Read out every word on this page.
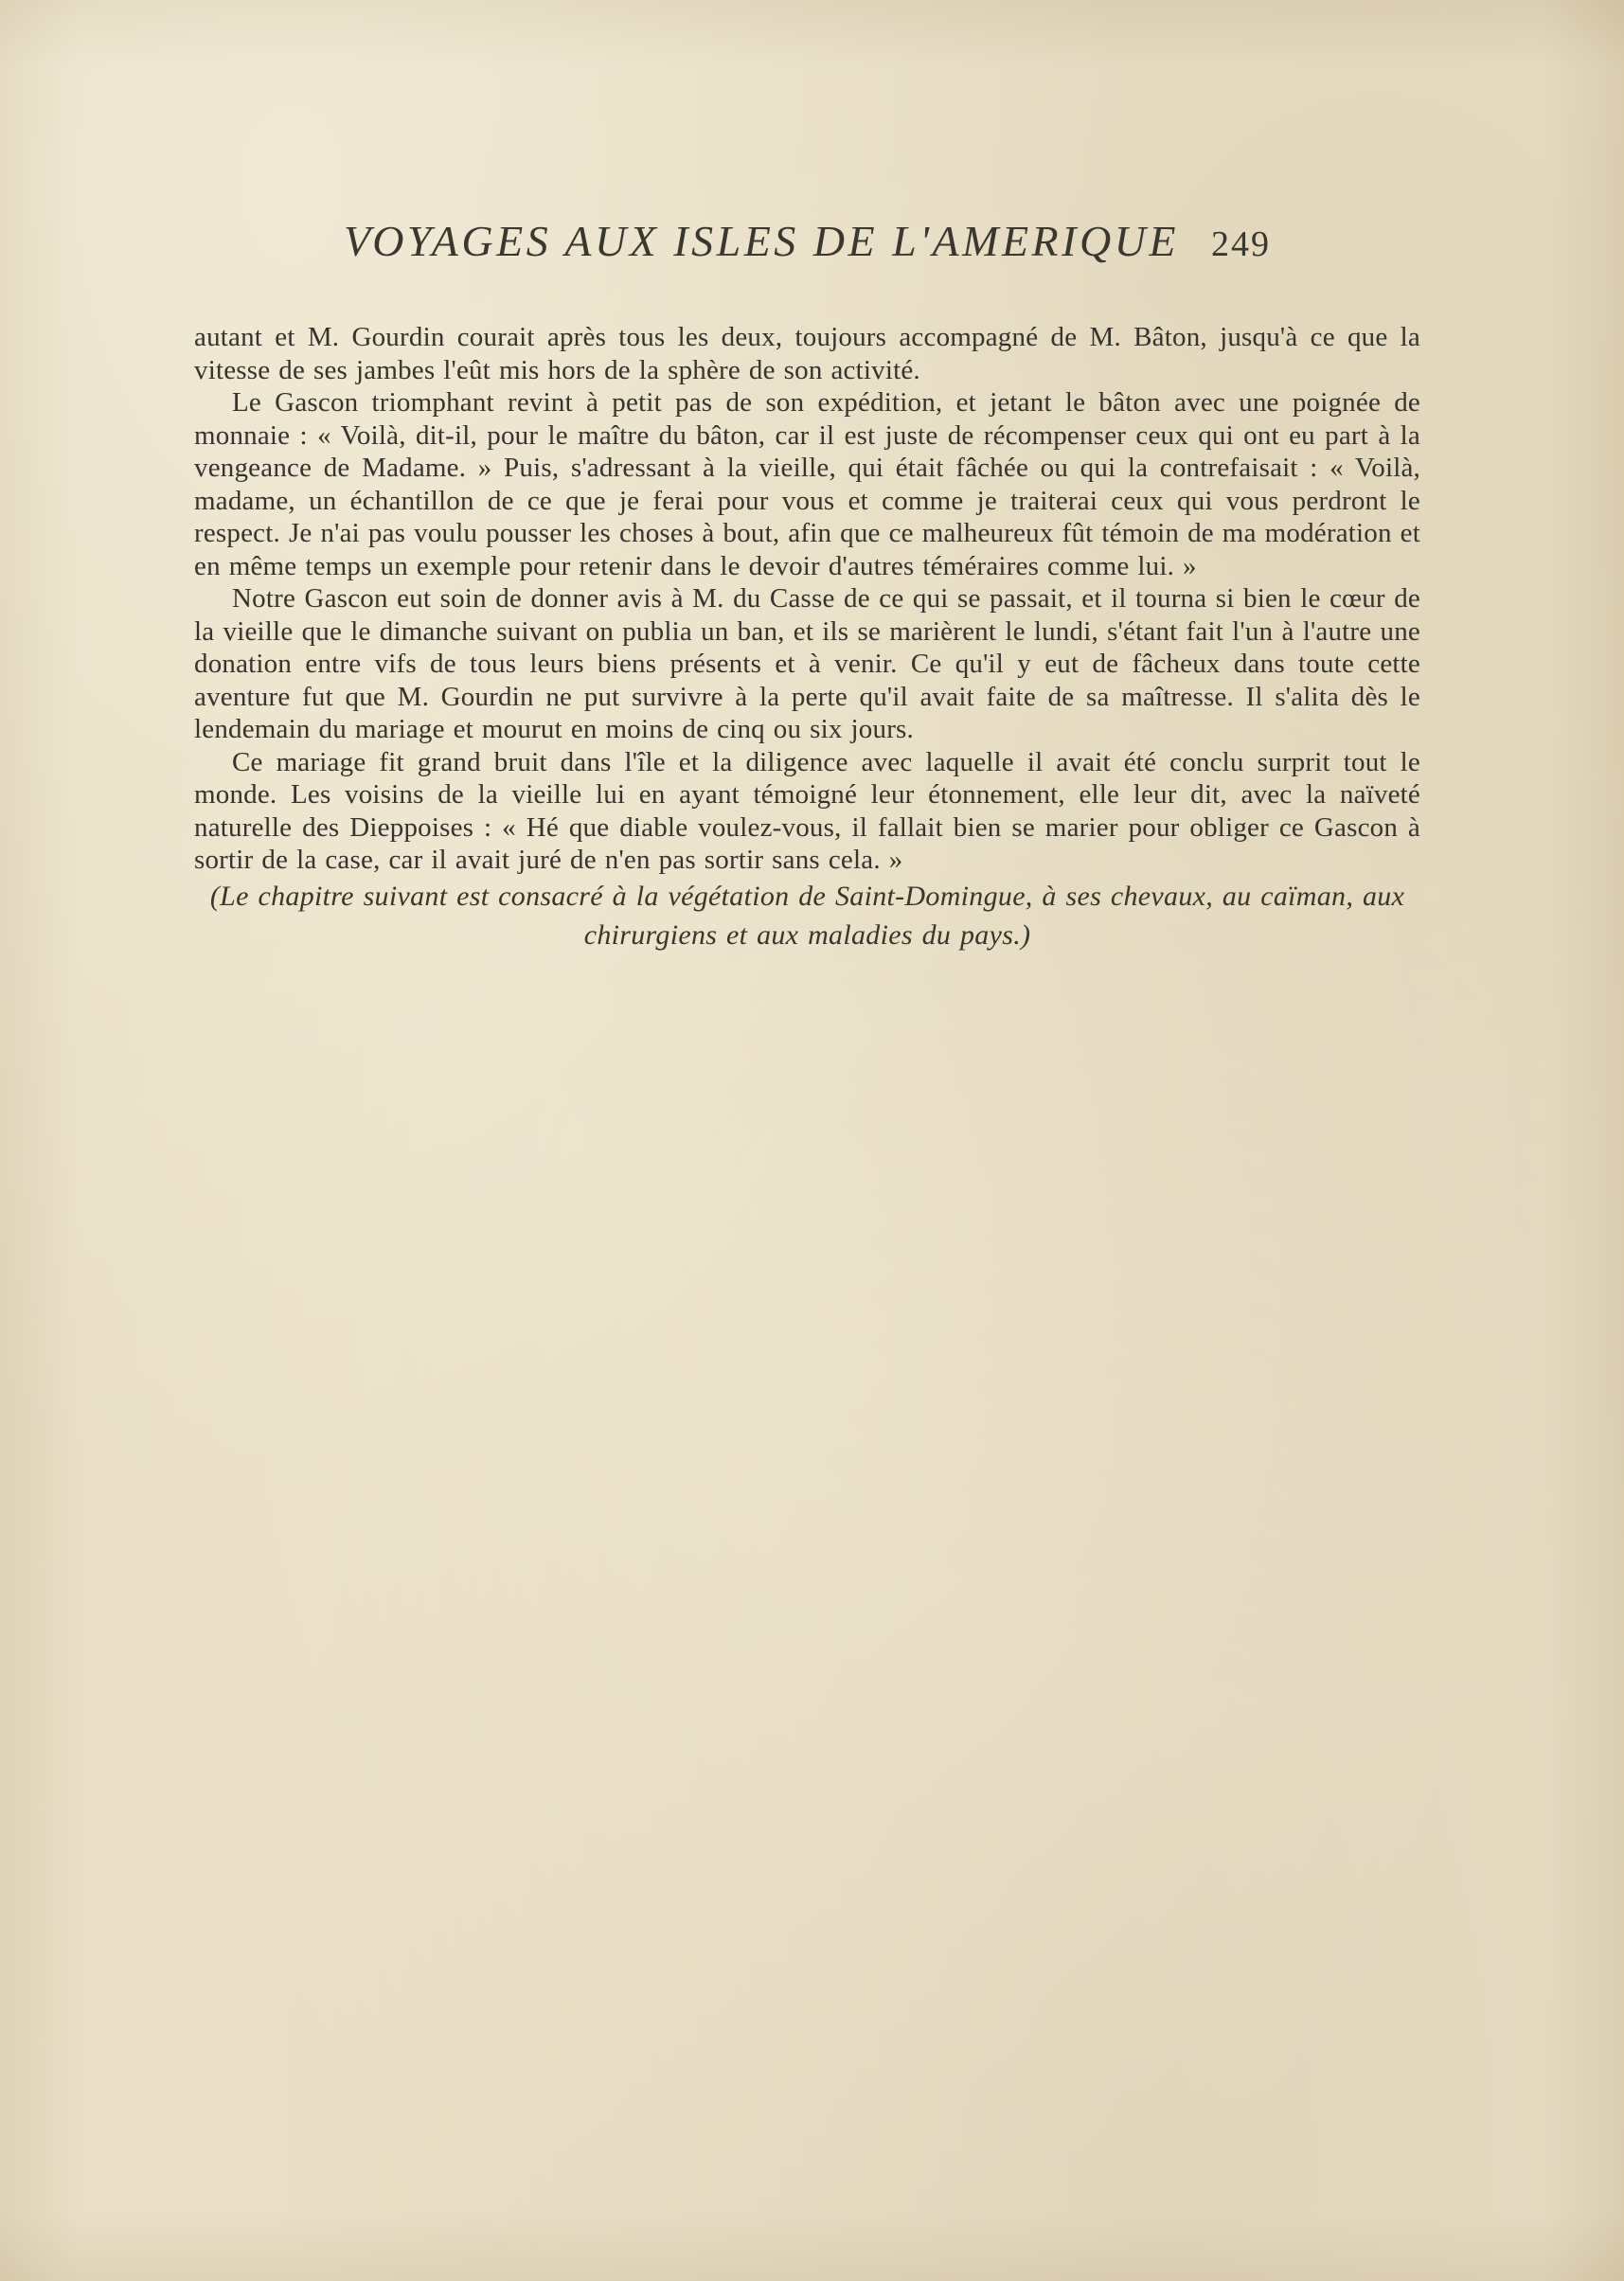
VOYAGES AUX ISLES DE L'AMERIQUE 249

autant et M. Gourdin courait après tous les deux, toujours accompagné de M. Bâton, jusqu'à ce que la vitesse de ses jambes l'eût mis hors de la sphère de son activité.

Le Gascon triomphant revint à petit pas de son expédition, et jetant le bâton avec une poignée de monnaie : « Voilà, dit-il, pour le maître du bâton, car il est juste de récompenser ceux qui ont eu part à la vengeance de Madame. » Puis, s'adressant à la vieille, qui était fâchée ou qui la contrefaisait : « Voilà, madame, un échantillon de ce que je ferai pour vous et comme je traiterai ceux qui vous perdront le respect. Je n'ai pas voulu pousser les choses à bout, afin que ce malheureux fût témoin de ma modération et en même temps un exemple pour retenir dans le devoir d'autres téméraires comme lui. »

Notre Gascon eut soin de donner avis à M. du Casse de ce qui se passait, et il tourna si bien le cœur de la vieille que le dimanche suivant on publia un ban, et ils se marièrent le lundi, s'étant fait l'un à l'autre une donation entre vifs de tous leurs biens présents et à venir. Ce qu'il y eut de fâcheux dans toute cette aventure fut que M. Gourdin ne put survivre à la perte qu'il avait faite de sa maîtresse. Il s'alita dès le lendemain du mariage et mourut en moins de cinq ou six jours.

Ce mariage fit grand bruit dans l'île et la diligence avec laquelle il avait été conclu surprit tout le monde. Les voisins de la vieille lui en ayant témoigné leur étonnement, elle leur dit, avec la naïveté naturelle des Dieppoises : « Hé que diable voulez-vous, il fallait bien se marier pour obliger ce Gascon à sortir de la case, car il avait juré de n'en pas sortir sans cela. »

(Le chapitre suivant est consacré à la végétation de Saint-Domingue, à ses chevaux, au caïman, aux chirurgiens et aux maladies du pays.)
